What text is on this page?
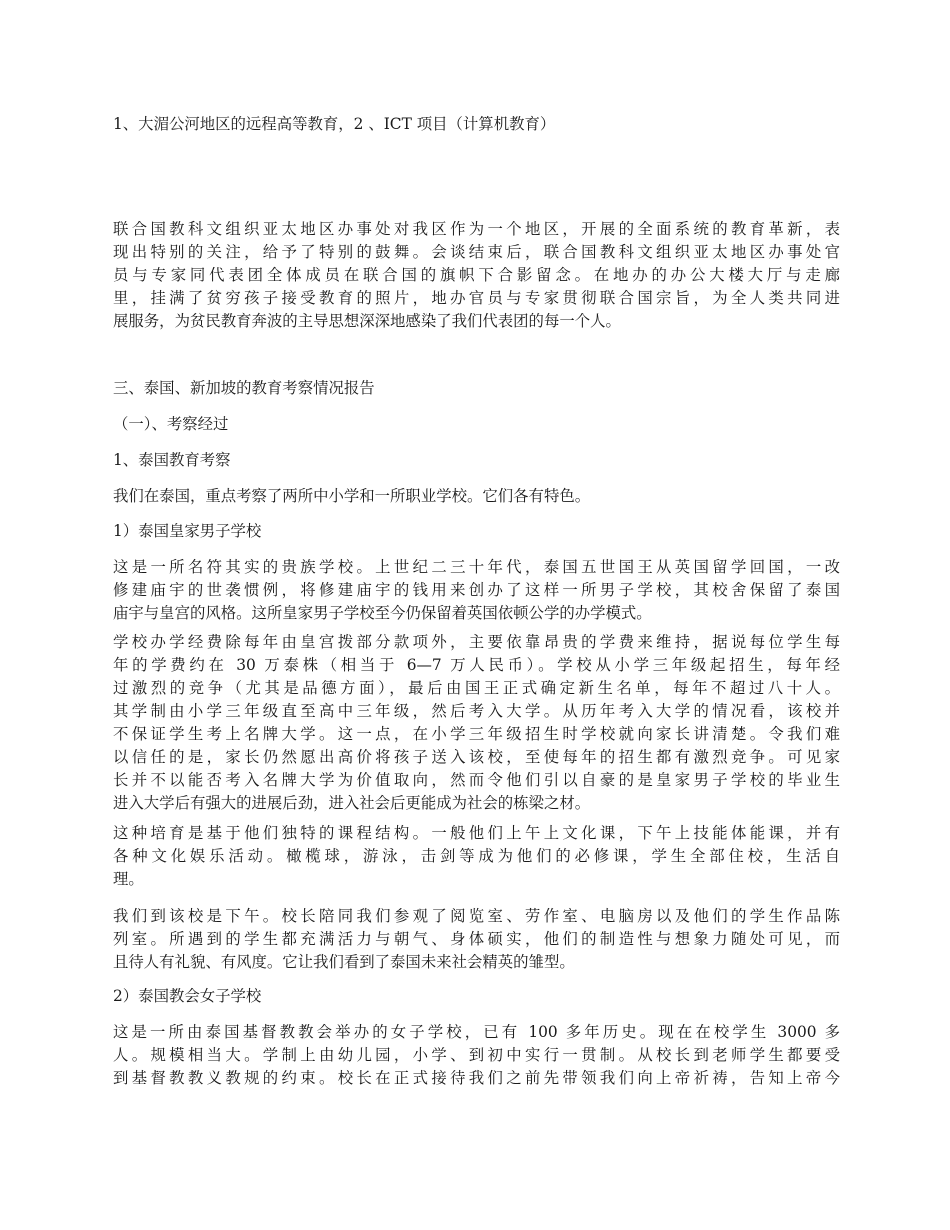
1、大湄公河地区的远程高等教育，2 、ICT 项目（计算机教育）

联合国教科文组织亚太地区办事处对我区作为一个地区，开展的全面系统的教育革新，表
现出特别的关注，给予了特别的鼓舞。会谈结束后，联合国教科文组织亚太地区办事处官
员与专家同代表团全体成员在联合国的旗帜下合影留念。在地办的办公大楼大厅与走廊
里，挂满了贫穷孩子接受教育的照片，地办官员与专家贯彻联合国宗旨，为全人类共同进
展服务，为贫民教育奔波的主导思想深深地感染了我们代表团的每一个人。

三、泰国、新加坡的教育考察情况报告

（一）、考察经过

1、泰国教育考察

我们在泰国，重点考察了两所中小学和一所职业学校。它们各有特色。

1）泰国皇家男子学校

这是一所名符其实的贵族学校。上世纪二三十年代，泰国五世国王从英国留学回国，一改
修建庙宇的世袭惯例，将修建庙宇的钱用来创办了这样一所男子学校，其校舍保留了泰国
庙宇与皇宫的风格。这所皇家男子学校至今仍保留着英国依顿公学的办学模式。

学校办学经费除每年由皇宫拨部分款项外，主要依靠昂贵的学费来维持，据说每位学生每
年的学费约在 30 万泰株（相当于 6—7 万人民币）。学校从小学三年级起招生，每年经
过激烈的竞争（尤其是品德方面），最后由国王正式确定新生名单，每年不超过八十人。
其学制由小学三年级直至高中三年级，然后考入大学。从历年考入大学的情况看，该校并
不保证学生考上名牌大学。这一点，在小学三年级招生时学校就向家长讲清楚。令我们难
以信任的是，家长仍然愿出高价将孩子送入该校，至使每年的招生都有激烈竞争。可见家
长并不以能否考入名牌大学为价值取向，然而令他们引以自豪的是皇家男子学校的毕业生
进入大学后有强大的进展后劲，进入社会后更能成为社会的栋梁之材。

这种培育是基于他们独特的课程结构。一般他们上午上文化课，下午上技能体能课，并有
各种文化娱乐活动。橄榄球，游泳，击剑等成为他们的必修课，学生全部住校，生活自
理。

我们到该校是下午。校长陪同我们参观了阅览室、劳作室、电脑房以及他们的学生作品陈
列室。所遇到的学生都充满活力与朝气、身体硕实，他们的制造性与想象力随处可见，而
且待人有礼貌、有风度。它让我们看到了泰国未来社会精英的雏型。

2）泰国教会女子学校

这是一所由泰国基督教教会举办的女子学校，已有 100 多年历史。现在在校学生 3000 多
人。规模相当大。学制上由幼儿园，小学、到初中实行一贯制。从校长到老师学生都要受
到基督教教义教规的约束。校长在正式接待我们之前先带领我们向上帝祈祷，告知上帝今
